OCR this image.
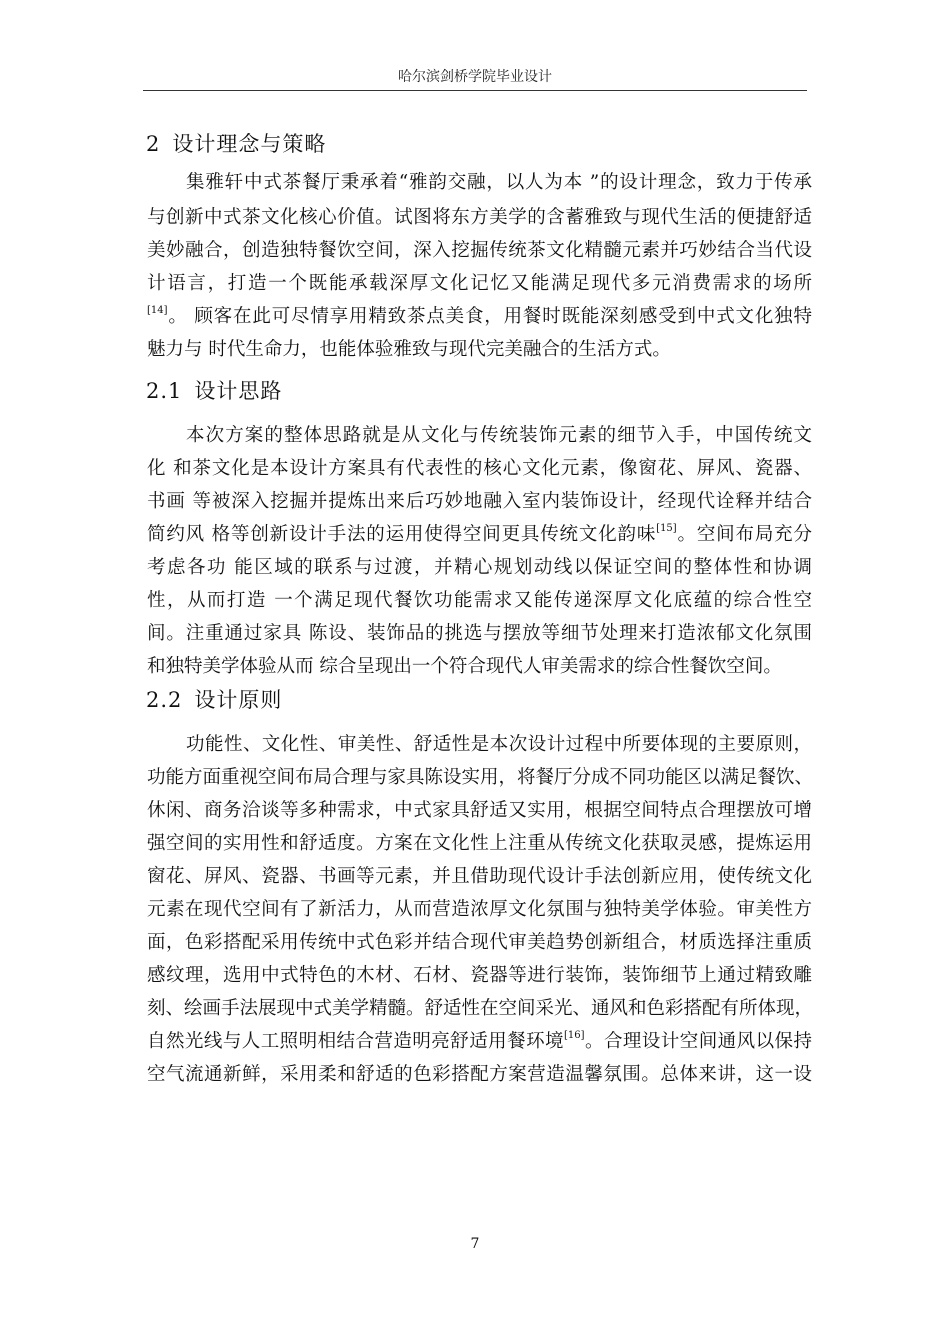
哈尔滨剑桥学院毕业设计
2 设计理念与策略
集雅轩中式茶餐厅秉承着“雅韵交融，以人为本 ”的设计理念，致力于传承
与创新中式茶文化核心价值。试图将东方美学的含蓄雅致与现代生活的便捷舒适
美妙融合，创造独特餐饮空间，深入挖掘传统茶文化精髓元素并巧妙结合当代设
计语言，打造一个既能承载深厚文化记忆又能满足现代多元消费需求的场所
[14]。 顾客在此可尽情享用精致茶点美食，用餐时既能深刻感受到中式文化独特
魅力与 时代生命力，也能体验雅致与现代完美融合的生活方式。
2.1 设计思路
本次方案的整体思路就是从文化与传统装饰元素的细节入手，中国传统文
化 和茶文化是本设计方案具有代表性的核心文化元素，像窗花、屏风、瓷器、
书画 等被深入挖掘并提炼出来后巧妙地融入室内装饰设计，经现代诠释并结合
简约风 格等创新设计手法的运用使得空间更具传统文化韵味[15]。空间布局充分
考虑各功 能区域的联系与过渡，并精心规划动线以保证空间的整体性和协调
性，从而打造 一个满足现代餐饮功能需求又能传递深厚文化底蕴的综合性空
间。注重通过家具 陈设、装饰品的挑选与摆放等细节处理来打造浓郁文化氛围
和独特美学体验从而 综合呈现出一个符合现代人审美需求的综合性餐饮空间。
2.2 设计原则
功能性、文化性、审美性、舒适性是本次设计过程中所要体现的主要原则，
功能方面重视空间布局合理与家具陈设实用，将餐厅分成不同功能区以满足餐饮、
休闲、商务洽谈等多种需求，中式家具舒适又实用，根据空间特点合理摆放可增
强空间的实用性和舒适度。方案在文化性上注重从传统文化获取灵感，提炼运用
窗花、屏风、瓷器、书画等元素，并且借助现代设计手法创新应用，使传统文化
元素在现代空间有了新活力，从而营造浓厚文化氛围与独特美学体验。审美性方
面，色彩搭配采用传统中式色彩并结合现代审美趋势创新组合，材质选择注重质
感纹理，选用中式特色的木材、石材、瓷器等进行装饰，装饰细节上通过精致雕
刻、绘画手法展现中式美学精髓。舒适性在空间采光、通风和色彩搭配有所体现，
自然光线与人工照明相结合营造明亮舒适用餐环境[16]。合理设计空间通风以保持
空气流通新鲜，采用柔和舒适的色彩搭配方案营造温馨氛围。总体来讲，这一设
7
